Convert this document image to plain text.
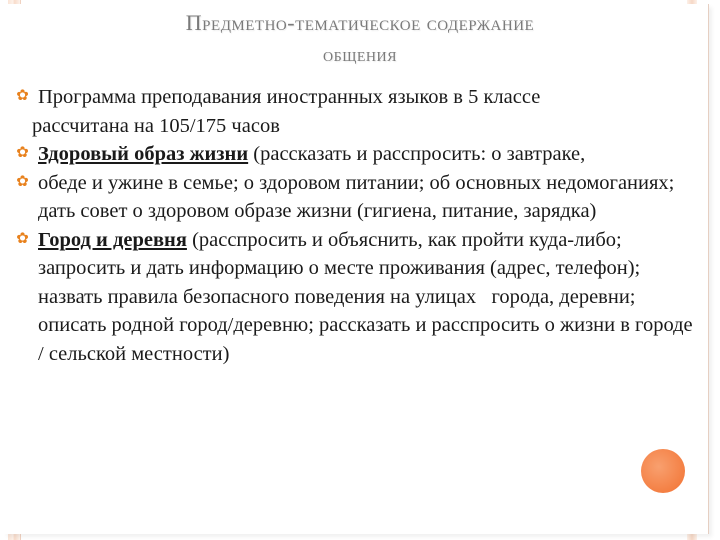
Предметно-тематическое содержание
общения
✿ Программа преподавания иностранных языков в 5 классе
рассчитана на 105/175 часов
✿ Здоровый образ жизни (рассказать и расспросить: о завтраке,
✿ обеде и ужине в семье; о здоровом питании; об основных недомоганиях; дать совет о здоровом образе жизни (гигиена, питание, зарядка)
✿ Город и деревня (расспросить и объяснить, как пройти куда-либо; запросить и дать информацию о месте проживания (адрес, телефон); назвать правила безопасного поведения на улицах   города, деревни; описать родной город/деревню; рассказать и расспросить о жизни в городе / сельской местности)
